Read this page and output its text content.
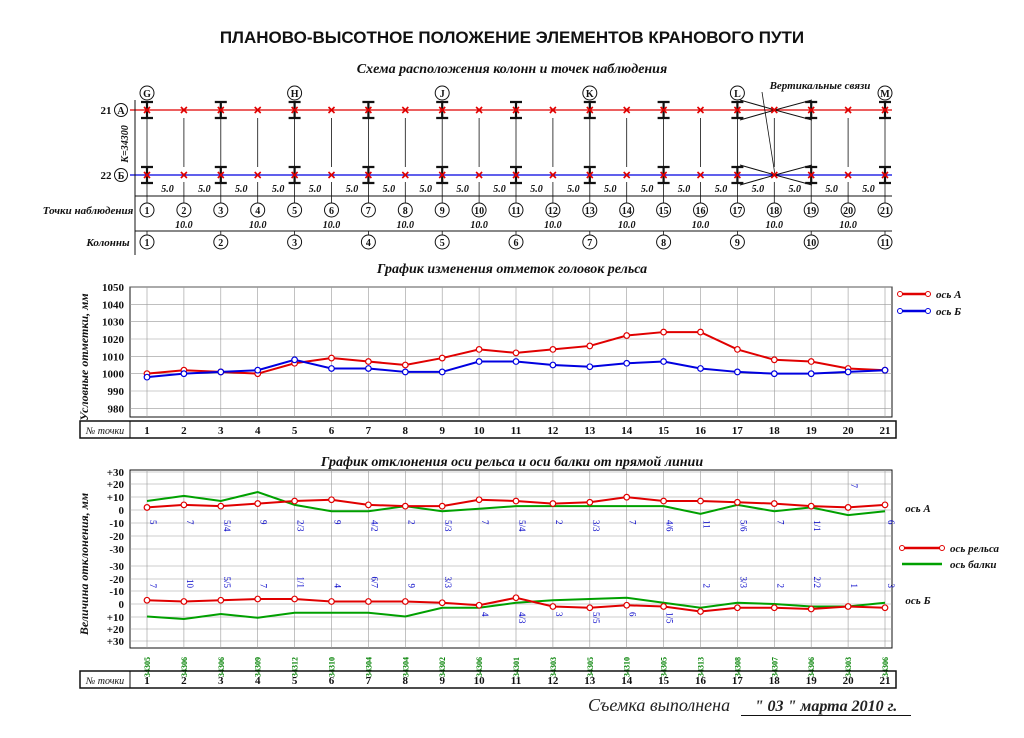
ПЛАНОВО-ВЫСОТНОЕ ПОЛОЖЕНИЕ ЭЛЕМЕНТОВ КРАНОВОГО ПУТИ
Схема расположения колонн и точек наблюдения
График изменения отметок головок рельса
График отклонения оси рельса и оси балки от прямой линии
21 А
22 Б
К=34300
G	H	J	K	L	M
Вертикальные связи
1
5.0
2
5.0
10.0
3
5.0
4
5.0
10.0
5
5.0
6
5.0
10.0
7
5.0
8
5.0
10.0
9
5.0
10
5.0
10.0
11
5.0
12
5.0
10.0
13
5.0
14
5.0
10.0
15
5.0
16
5.0
10.0
17
5.0
18
5.0
10.0
19
5.0
20
5.0
10.0
21
Точки наблюдения
Колонны 1	2	3	4	5	6	7	8	9	10	11
980
990
1000
1010
1020
1030
1040
1050
Условные отметки, мм
№ точки 1	2	3	4	5	6	7	8	9	10 11 12 13 14 15 16 17 18 19 20 21
ось А
ось Б
+30
+20
+10
0
-10
-20
-30
-30
-20
-10
0
+10
+20
+30
Величина отклонения, мм	ось А
5	7	5/4	9	2/3	9	4/2	2	5/3	7	5/4	2	3/3	7	4/6	11	5/6	7	1/1	6
7
ось Б
4	4/3	3	5/5	6	1/5
7	10	5/5	7	1/1	4	6/7	9	3/3	2	3/3	2	2/2	1	3
ось рельса
ось балки
34305	34306	34306	34309	34312	34310	34304	34304	34302	34306	34301	34303	34305	34310	34305	34313	34308	34307	34306	34303	34306
№ точки 1	2	3	4	5	6	7	8	9	10 11 12 13 14 15 16 17 18 19 20 21
Съемка выполнена " 03 " марта 2010 г.
